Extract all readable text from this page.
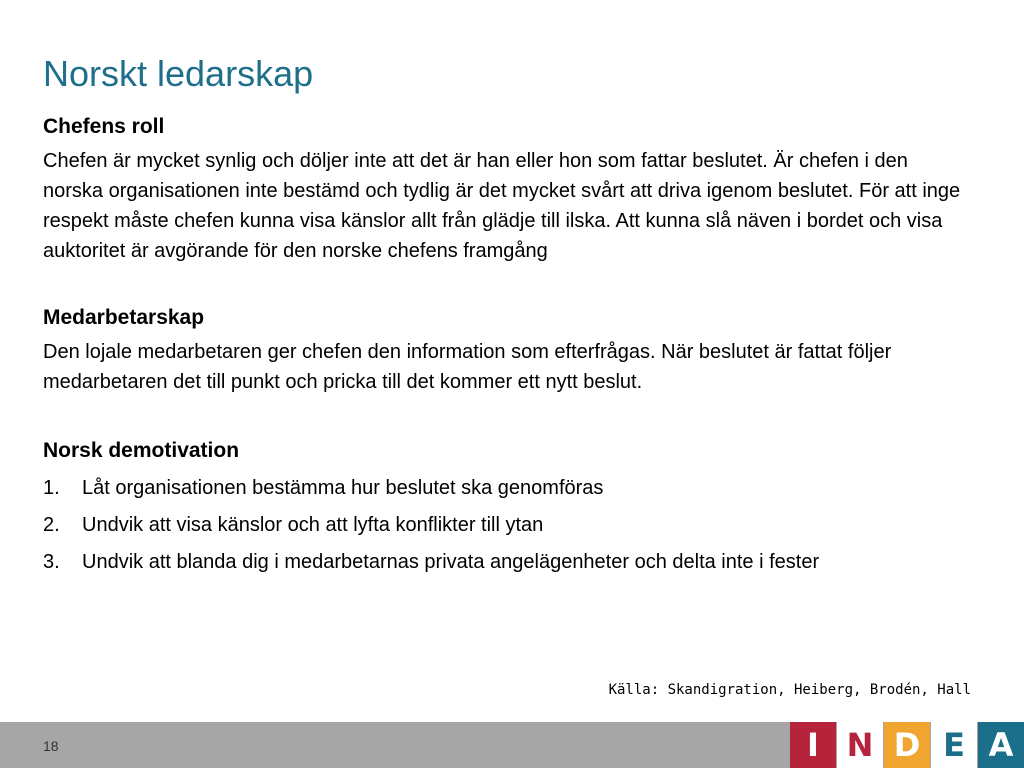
Norskt ledarskap

Chefens roll

Chefen är mycket synlig och döljer inte att det är han eller hon som fattar beslutet. Är chefen i den norska organisationen inte bestämd och tydlig är det mycket svårt att driva igenom beslutet. För att inge respekt måste chefen kunna visa känslor allt från glädje till ilska. Att kunna slå näven i bordet och visa auktoritet är avgörande för den norske chefens framgång

Medarbetarskap

Den lojale medarbetaren ger chefen den information som efterfrågas. När beslutet är fattat följer medarbetaren det till punkt och pricka till det kommer ett nytt beslut.

Norsk demotivation

1. Låt organisationen bestämma hur beslutet ska genomföras
2. Undvik att visa känslor och att lyfta konflikter till ytan
3. Undvik att blanda dig i medarbetarnas privata angelägenheter och delta inte i fester
Källa: Skandigration, Heiberg, Brodén, Hall
18	I N D E A
